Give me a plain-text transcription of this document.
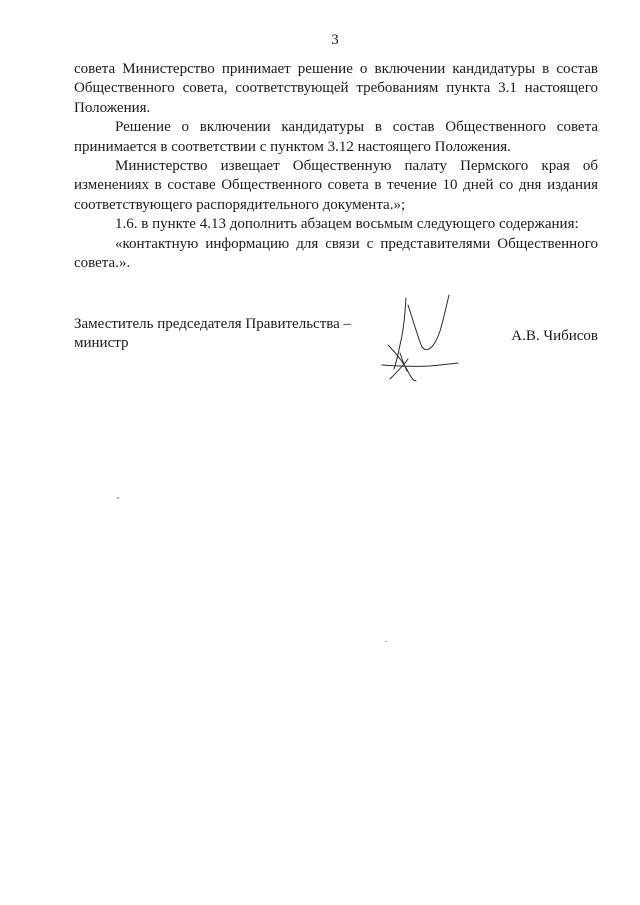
3

совета Министерство принимает решение о включении кандидатуры в состав Общественного совета, соответствующей требованиям пункта 3.1 настоящего Положения.

Решение о включении кандидатуры в состав Общественного совета принимается в соответствии с пунктом 3.12 настоящего Положения.

Министерство извещает Общественную палату Пермского края об изменениях в составе Общественного совета в течение 10 дней со дня издания соответствующего распорядительного документа.»;

1.6. в пункте 4.13 дополнить абзацем восьмым следующего содержания:

«контактную информацию для связи с представителями Общественного совета.».

Заместитель председателя Правительства –
министр	А.В. Чибисов
